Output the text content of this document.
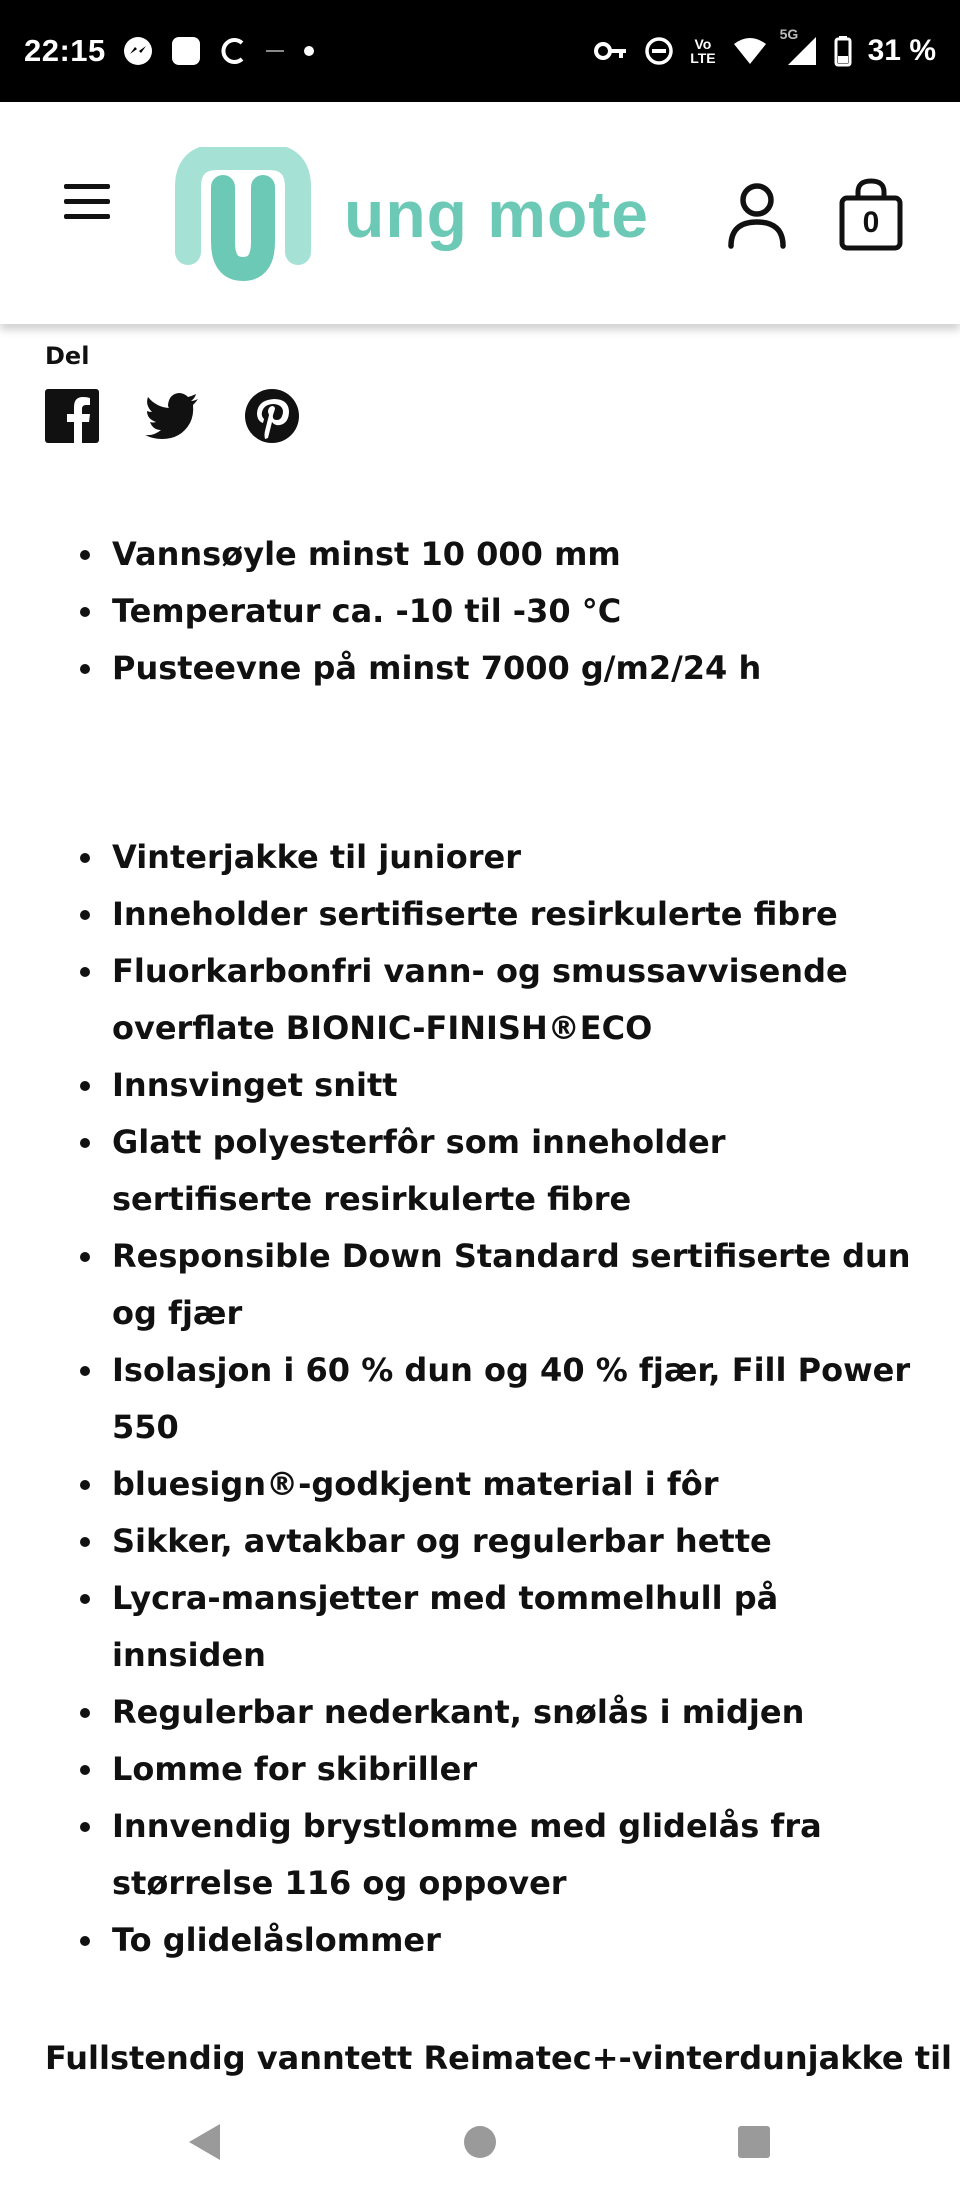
22:15	Vo
LTE
5G 31 %
ung mote	0
Del
Vannsøyle minst 10 000 mm
Temperatur ca. -10 til -30 °C
Pusteevne på minst 7000 g/m2/24 h
Vinterjakke til juniorer
Inneholder sertifiserte resirkulerte fibre
Fluorkarbonfri vann- og smussavvisende overflate BIONIC-FINISH®ECO
Innsvinget snitt
Glatt polyesterfôr som inneholder sertifiserte resirkulerte fibre
Responsible Down Standard sertifiserte dun og fjær
Isolasjon i 60 % dun og 40 % fjær, Fill Power 550
bluesign®-godkjent material i fôr
Sikker, avtakbar og regulerbar hette
Lycra-mansjetter med tommelhull på innsiden
Regulerbar nederkant, snølås i midjen
Lomme for skibriller
Innvendig brystlomme med glidelås fra størrelse 116 og oppover
To glidelåslommer

Fullstendig vanntett Reimatec+-vinterdunjakke til
